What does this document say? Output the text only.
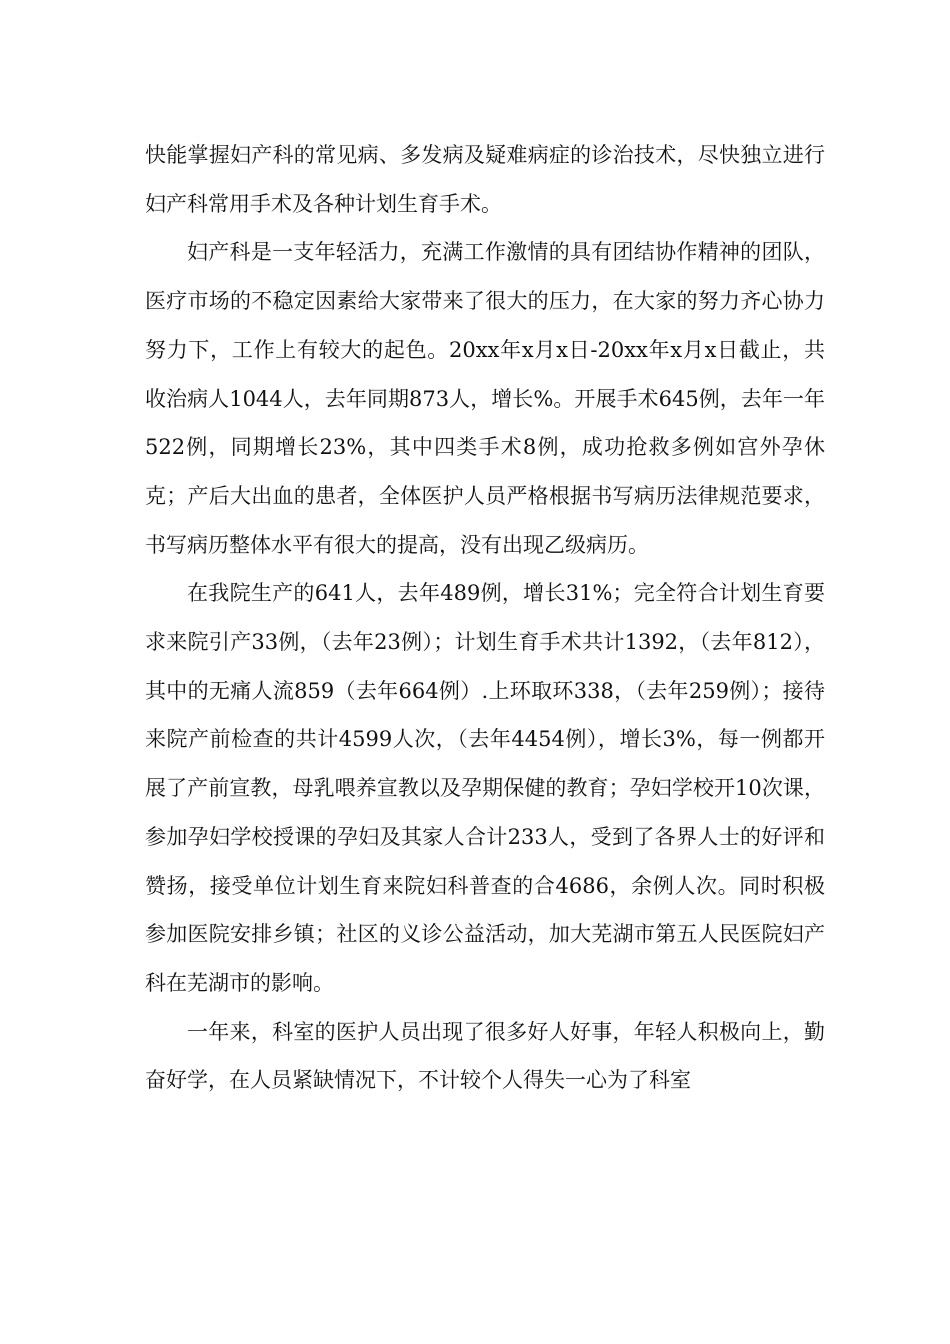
快能掌握妇产科的常见病、多发病及疑难病症的诊治技术，尽快独立进行妇产科常用手术及各种计划生育手术。

妇产科是一支年轻活力，充满工作激情的具有团结协作精神的团队，医疗市场的不稳定因素给大家带来了很大的压力，在大家的努力齐心协力努力下，工作上有较大的起色。20xx年x月x日-20xx年x月x日截止，共收治病人1044人，去年同期873人，增长%。开展手术645例，去年一年522例，同期增长23%，其中四类手术8例，成功抢救多例如宫外孕休克；产后大出血的患者，全体医护人员严格根据书写病历法律规范要求，书写病历整体水平有很大的提高，没有出现乙级病历。

在我院生产的641人，去年489例，增长31%；完全符合计划生育要求来院引产33例，（去年23例）；计划生育手术共计1392，（去年812），其中的无痛人流859（去年664例）.上环取环338，（去年259例）；接待来院产前检查的共计4599人次，（去年4454例），增长3%，每一例都开展了产前宣教，母乳喂养宣教以及孕期保健的教育；孕妇学校开10次课，参加孕妇学校授课的孕妇及其家人合计233人，受到了各界人士的好评和赞扬，接受单位计划生育来院妇科普查的合4686，余例人次。同时积极参加医院安排乡镇；社区的义诊公益活动，加大芜湖市第五人民医院妇产科在芜湖市的影响。

一年来，科室的医护人员出现了很多好人好事，年轻人积极向上，勤奋好学，在人员紧缺情况下，不计较个人得失一心为了科室
